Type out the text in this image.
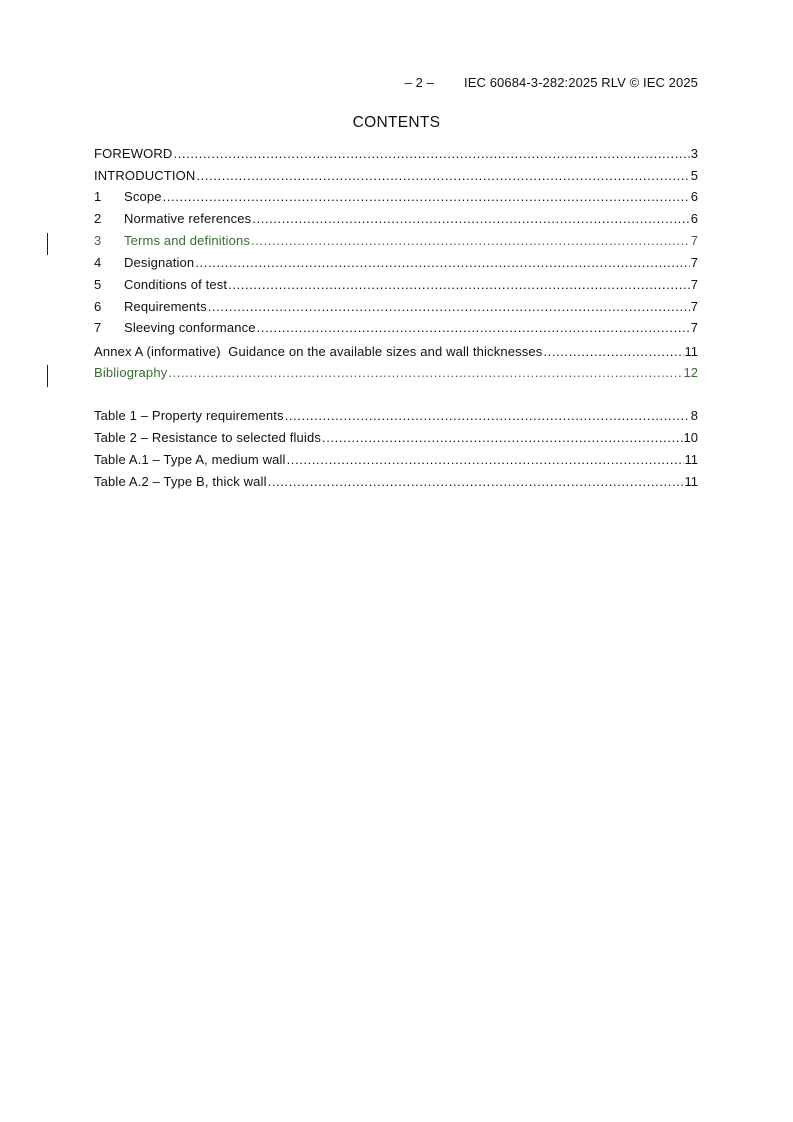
– 2 – IEC 60684-3-282:2025 RLV © IEC 2025
CONTENTS
FOREWORD .....	3
INTRODUCTION .....	5
1	Scope .....	6
2	Normative references .....	6
3	Terms and definitions .....	7
4	Designation .....	7
5	Conditions of test .....	7
6	Requirements .....	7
7	Sleeving conformance .....	7
Annex A (informative)  Guidance on the available sizes and wall thicknesses .....	11
Bibliography .....	12
Table 1 – Property requirements .....	8
Table 2 – Resistance to selected fluids .....	10
Table A.1 – Type A, medium wall .....	11
Table A.2 – Type B, thick wall .....	11
